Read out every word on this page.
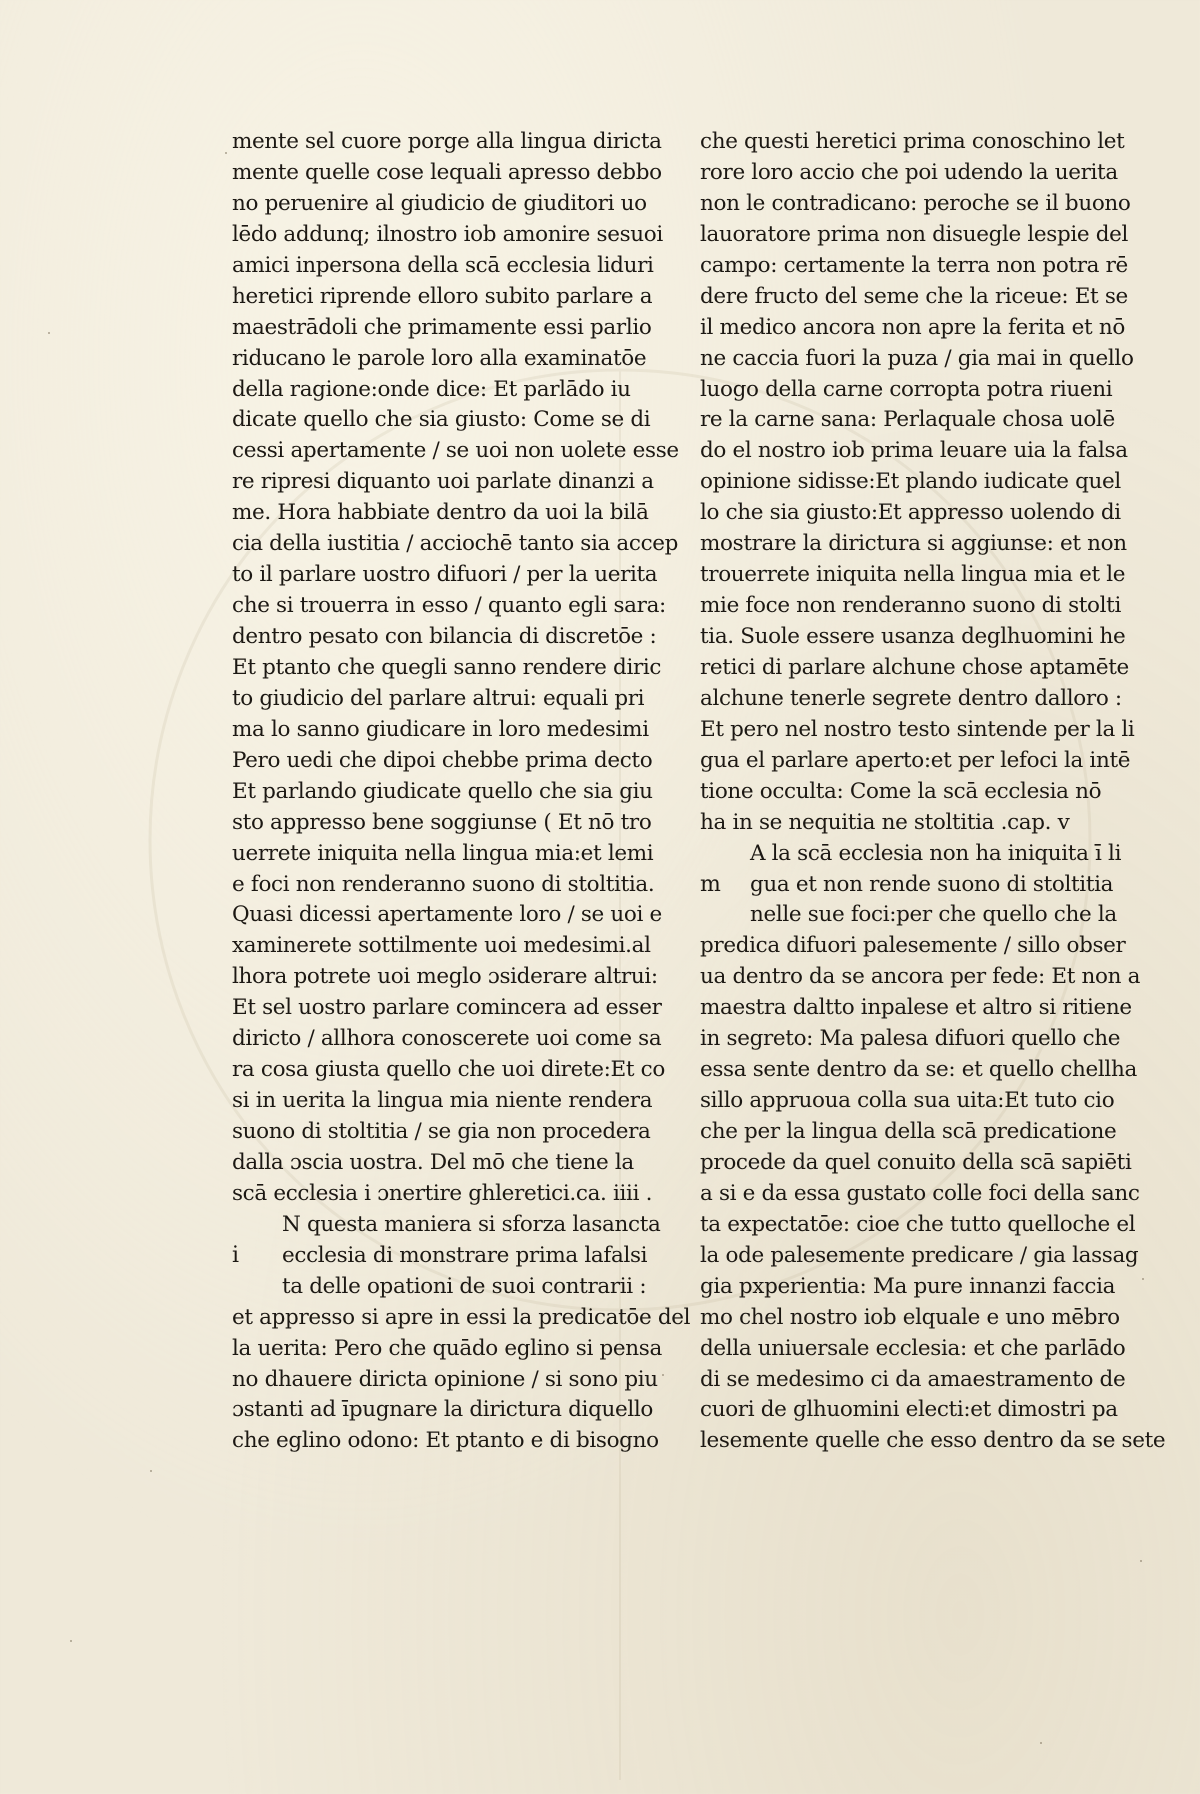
mente sel cuore porge alla lingua diricta
mente quelle cose lequali apresso debbo
no peruenire al giudicio de giuditori uo
lēdo addunq; ilnostro iob amonire sesuoi
amici inpersona della scā ecclesia liduri
heretici riprende elloro subito parlare a
maestrādoli che primamente essi parlio
riducano le parole loro alla examinatōe
della ragione:onde dice: Et parlādo iu
dicate quello che sia giusto: Come se di
cessi apertamente / se uoi non uolete esse
re ripresi diquanto uoi parlate dinanzi a
me. Hora habbiate dentro da uoi la bilā
cia della iustitia / acciochē tanto sia accep
to il parlare uostro difuori / per la uerita
che si trouerra in esso / quanto egli sara:
dentro pesato con bilancia di discretōe :
Et ptanto che quegli sanno rendere diric
to giudicio del parlare altrui: equali pri
ma lo sanno giudicare in loro medesimi
Pero uedi che dipoi chebbe prima decto
Et parlando giudicate quello che sia giu
sto appresso bene soggiunse ( Et nō tro
uerrete iniquita nella lingua mia:et lemi
e foci non renderanno suono di stoltitia.
Quasi dicessi apertamente loro / se uoi e
xaminerete sottilmente uoi medesimi.al
lhora potrete uoi meglo ɔsiderare altrui:
Et sel uostro parlare comincera ad esser
diricto / allhora conoscerete uoi come sa
ra cosa giusta quello che uoi direte:Et co
si in uerita la lingua mia niente rendera
suono di stoltitia / se gia non procedera
dalla ɔscia uostra. Del mō che tiene la
scā ecclesia i ɔnertire ghleretici.ca. iiii .
N questa maniera si sforza lasancta
i ecclesia di monstrare prima lafalsi
ta delle opationi de suoi contrarii :
et appresso si apre in essi la predicatōe del
la uerita: Pero che quādo eglino si pensa
no dhauere diricta opinione / si sono piu
ɔstanti ad īpugnare la dirictura diquello
che eglino odono: Et ptanto e di bisogno
che questi heretici prima conoschino let
rore loro accio che poi udendo la uerita
non le contradicano: peroche se il buono
lauoratore prima non disuegle lespie del
campo: certamente la terra non potra rē
dere fructo del seme che la riceue: Et se
il medico ancora non apre la ferita et nō
ne caccia fuori la puza / gia mai in quello
luogo della carne corropta potra riueni
re la carne sana: Perlaquale chosa uolē
do el nostro iob prima leuare uia la falsa
opinione sidisse:Et plando iudicate quel
lo che sia giusto:Et appresso uolendo di
mostrare la dirictura si aggiunse: et non
trouerrete iniquita nella lingua mia et le
mie foce non renderanno suono di stolti
tia. Suole essere usanza deglhuomini he
retici di parlare alchune chose aptamēte
alchune tenerle segrete dentro dalloro :
Et pero nel nostro testo sintende per la li
gua el parlare aperto:et per lefoci la intē
tione occulta: Come la scā ecclesia nō
ha in se nequitia ne stoltitia .cap. v
A la scā ecclesia non ha iniquita ī li
m gua et non rende suono di stoltitia
nelle sue foci:per che quello che la
predica difuori palesemente / sillo obser
ua dentro da se ancora per fede: Et non a
maestra daltto inpalese et altro si ritiene
in segreto: Ma palesa difuori quello che
essa sente dentro da se: et quello chellha
sillo appruoua colla sua uita:Et tuto cio
che per la lingua della scā predicatione
procede da quel conuito della scā sapiēti
a si e da essa gustato colle foci della sanc
ta expectatōe: cioe che tutto quelloche el
la ode palesemente predicare / gia lassag
gia pxperientia: Ma pure innanzi faccia
mo chel nostro iob elquale e uno mēbro
della uniuersale ecclesia: et che parlādo
di se medesimo ci da amaestramento de
cuori de glhuomini electi:et dimostri pa
lesemente quelle che esso dentro da se sete
